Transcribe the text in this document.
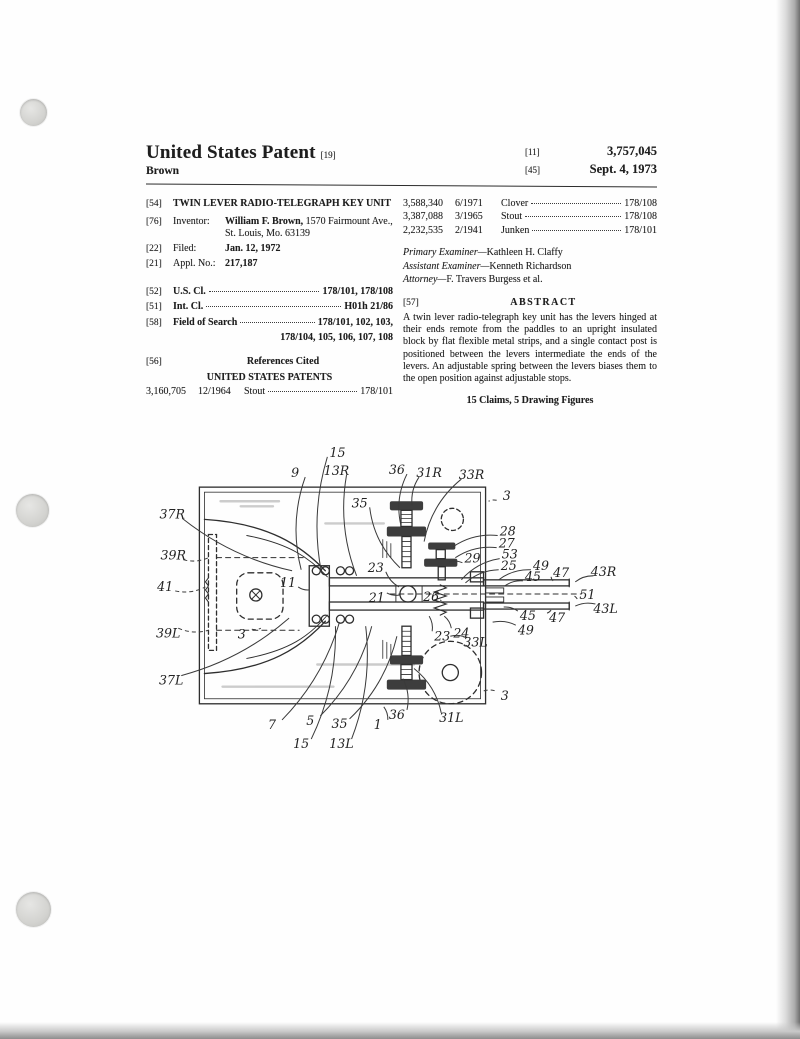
United States Patent [19]
Brown
[11]	3,757,045
[45]	Sept. 4, 1973
[54]	TWIN LEVER RADIO-TELEGRAPH KEY UNIT
[76]	Inventor:	William F. Brown, 1570 Fairmount Ave., St. Louis, Mo. 63139
[22]	Filed:	Jan. 12, 1972
[21]	Appl. No.: 217,187
[52]	U.S. Cl.	178/101, 178/108
[51]	Int. Cl.	H01h 21/86
[58]	Field of Search	178/101, 102, 103,
178/104, 105, 106, 107, 108
[56]	References Cited
UNITED STATES PATENTS
3,160,705	12/1964	Stout	178/101
3,588,340	6/1971	Clover	178/108
3,387,088	3/1965	Stout	178/108
2,232,535	2/1941	Junken	178/101
Primary Examiner—Kathleen H. Claffy
Assistant Examiner—Kenneth Richardson
Attorney—F. Travers Burgess et al.
[57]	ABSTRACT
A twin lever radio-telegraph key unit has the levers hinged at their ends remote from the paddles to an upright insulated block by flat flexible metal strips, and a single contact post is positioned between the levers intermediate the ends of the levers. An adjustable spring between the levers biases them to the open position against adjustable stops.
15 Claims, 5 Drawing Figures
15
9 13R	36 31R 33R
3
35
37R
28
27
29 53
39R
25 49
23
41	11	45 47 43R
21	26	51
43L
45 47
39L	3	23 24	49
33L
37L
3
7 5 35 1
36	31L
15 13L
